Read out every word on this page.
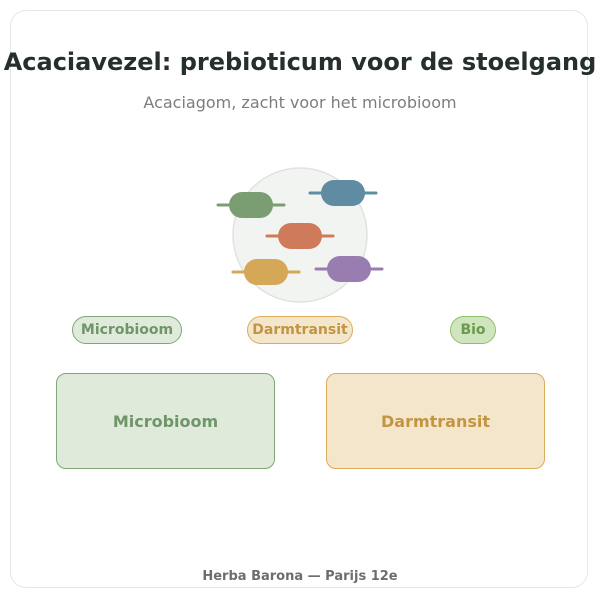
Acaciavezel: prebioticum voor de stoelgang
Acaciagom, zacht voor het microbioom
Microbioom	Darmtransit	Bio
Microbioom	Darmtransit
Herba Barona — Parijs 12e
